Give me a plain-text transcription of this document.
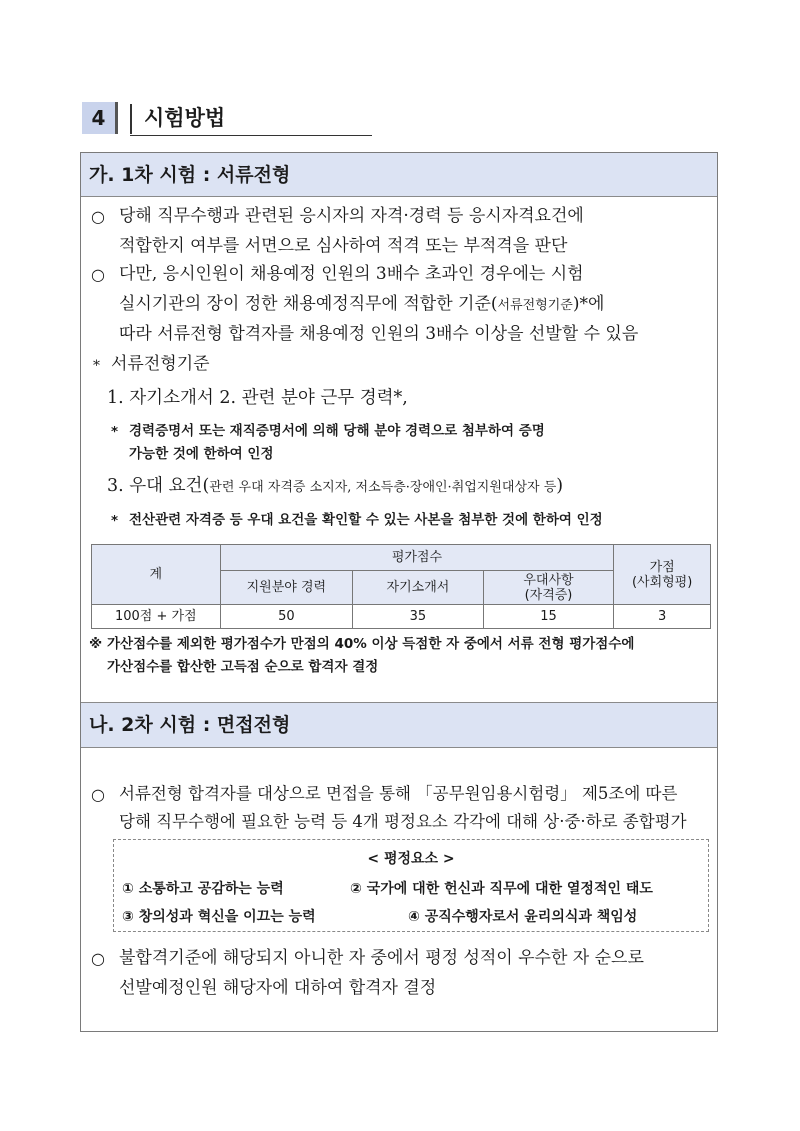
4	시험방법
가. 1차 시험 : 서류전형
○ 당해 직무수행과 관련된 응시자의 자격·경력 등 응시자격요건에
적합한지 여부를 서면으로 심사하여 적격 또는 부적격을 판단
○ 다만, 응시인원이 채용예정 인원의 3배수 초과인 경우에는 시험
실시기관의 장이 정한 채용예정직무에 적합한 기준(서류전형기준)*에
따라 서류전형 합격자를 채용예정 인원의 3배수 이상을 선발할 수 있음
* 서류전형기준
1. 자기소개서 2. 관련 분야 근무 경력*,
* 경력증명서 또는 재직증명서에 의해 당해 분야 경력으로 첨부하여 증명
가능한 것에 한하여 인정
3. 우대 요건(관련 우대 자격증 소지자, 저소득층·장애인·취업지원대상자 등)
* 전산관련 자격증 등 우대 요건을 확인할 수 있는 사본을 첨부한 것에 한하여 인정
계	평가점수			가점
(사회형평)
	지원분야 경력	자기소개서	우대사항
(자격증)	
100점 + 가점	50	35	15	3
※ 가산점수를 제외한 평가점수가 만점의 40% 이상 득점한 자 중에서 서류 전형 평가점수에
가산점수를 합산한 고득점 순으로 합격자 결정
나. 2차 시험 : 면접전형
○ 서류전형 합격자를 대상으로 면접을 통해 「공무원임용시험령」 제5조에 따른
당해 직무수행에 필요한 능력 등 4개 평정요소 각각에 대해 상·중·하로 종합평가
< 평정요소 >
① 소통하고 공감하는 능력	② 국가에 대한 헌신과 직무에 대한 열정적인 태도
③ 창의성과 혁신을 이끄는 능력	④ 공직수행자로서 윤리의식과 책임성
○ 불합격기준에 해당되지 아니한 자 중에서 평정 성적이 우수한 자 순으로
선발예정인원 해당자에 대하여 합격자 결정
